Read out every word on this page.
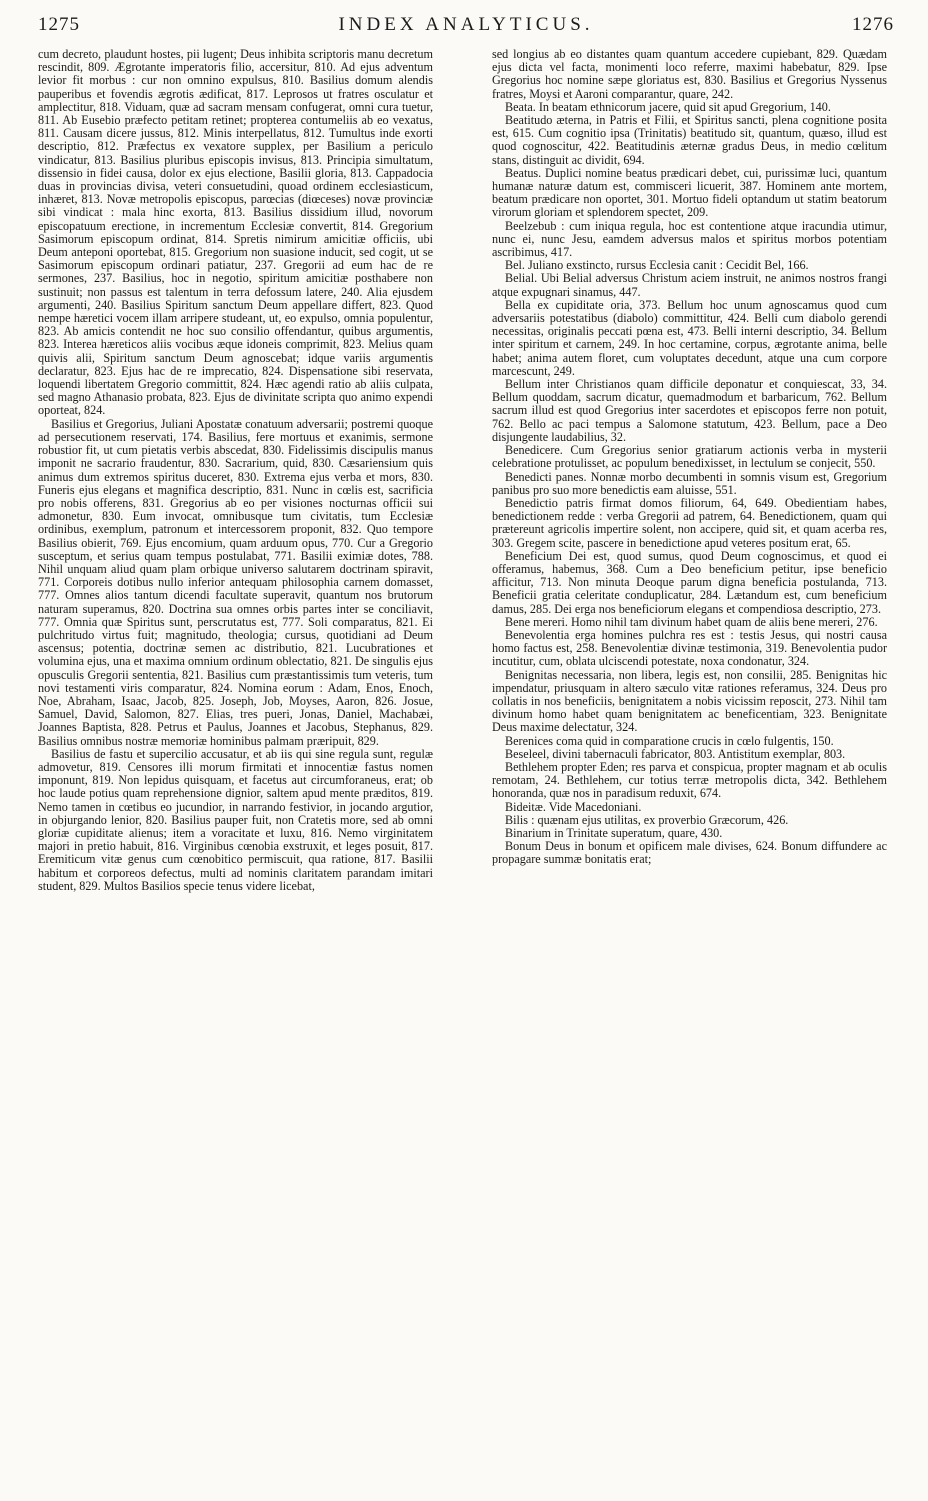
1275	INDEX ANALYTICUS.	1276

cum decreto, plaudunt hostes, pii lugent; Deus inhibita scriptoris manu decretum rescindit, 809. Ægrotante imperatoris filio, accersitur, 810. Ad ejus adventum levior fit morbus : cur non omnino expulsus, 810. Basilius domum alendis pauperibus et fovendis ægrotis ædificat, 817. Leprosos ut fratres osculatur et amplectitur, 818. Viduam, quæ ad sacram mensam confugerat, omni cura tuetur, 811. Ab Eusebio præfecto petitam retinet; propterea contumeliis ab eo vexatus, 811. Causam dicere jussus, 812. Minis interpellatus, 812. Tumultus inde exorti descriptio, 812. Præfectus ex vexatore supplex, per Basilium a periculo vindicatur, 813. Basilius pluribus episcopis invisus, 813. Principia simultatum, dissensio in fidei causa, dolor ex ejus electione, Basilii gloria, 813. Cappadocia duas in provincias divisa, veteri consuetudini, quoad ordinem ecclesiasticum, inhæret, 813. Novæ metropolis episcopus, parœcias (diœceses) novæ provinciæ sibi vindicat : mala hinc exorta, 813. Basilius dissidium illud, novorum episcopatuum erectione, in incrementum Ecclesiæ convertit, 814. Gregorium Sasimorum episcopum ordinat, 814. Spretis nimirum amicitiæ officiis, ubi Deum anteponi oportebat, 815. Gregorium non suasione inducit, sed cogit, ut se Sasimorum episcopum ordinari patiatur, 237. Gregorii ad eum hac de re sermones, 237. Basilius, hoc in negotio, spiritum amicitiæ posthabere non sustinuit; non passus est talentum in terra defossum latere, 240. Alia ejusdem argumenti, 240. Basilius Spiritum sanctum Deum appellare differt, 823. Quod nempe hæretici vocem illam arripere studeant, ut, eo expulso, omnia populentur, 823. Ab amicis contendit ne hoc suo consilio offendantur, quibus argumentis, 823. Interea hæreticos aliis vocibus æque idoneis comprimit, 823. Melius quam quivis alii, Spiritum sanctum Deum agnoscebat; idque variis argumentis declaratur, 823. Ejus hac de re imprecatio, 824. Dispensatione sibi reservata, loquendi libertatem Gregorio committit, 824. Hæc agendi ratio ab aliis culpata, sed magno Athanasio probata, 823. Ejus de divinitate scripta quo animo expendi oporteat, 824.

Basilius et Gregorius, Juliani Apostatæ conatuum adversarii; postremi quoque ad persecutionem reservati, 174. Basilius, fere mortuus et exanimis, sermone robustior fit, ut cum pietatis verbis abscedat, 830. Fidelissimis discipulis manus imponit ne sacrario fraudentur, 830. Sacrarium, quid, 830. Cæsariensium quis animus dum extremos spiritus duceret, 830. Extrema ejus verba et mors, 830. Funeris ejus elegans et magnifica descriptio, 831. Nunc in cœlis est, sacrificia pro nobis offerens, 831. Gregorius ab eo per visiones nocturnas officii sui admonetur, 830. Eum invocat, omnibusque tum civitatis, tum Ecclesiæ ordinibus, exemplum, patronum et intercessorem proponit, 832. Quo tempore Basilius obierit, 769. Ejus encomium, quam arduum opus, 770. Cur a Gregorio susceptum, et serius quam tempus postulabat, 771. Basilii eximiæ dotes, 788. Nihil unquam aliud quam plam orbique universo salutarem doctrinam spiravit, 771. Corporeis dotibus nullo inferior antequam philosophia carnem domasset, 777. Omnes alios tantum dicendi facultate superavit, quantum nos brutorum naturam superamus, 820. Doctrina sua omnes orbis partes inter se conciliavit, 777. Omnia quæ Spiritus sunt, perscrutatus est, 777. Soli comparatus, 821. Ei pulchritudo virtus fuit; magnitudo, theologia; cursus, quotidiani ad Deum ascensus; potentia, doctrinæ semen ac distributio, 821. Lucubrationes et volumina ejus, una et maxima omnium ordinum oblectatio, 821. De singulis ejus opusculis Gregorii sententia, 821. Basilius cum præstantissimis tum veteris, tum novi testamenti viris comparatur, 824. Nomina eorum : Adam, Enos, Enoch, Noe, Abraham, Isaac, Jacob, 825. Joseph, Job, Moyses, Aaron, 826. Josue, Samuel, David, Salomon, 827. Elias, tres pueri, Jonas, Daniel, Machabæi, Joannes Baptista, 828. Petrus et Paulus, Joannes et Jacobus, Stephanus, 829. Basilius omnibus nostræ memoriæ hominibus palmam præripuit, 829.

Basilius de fastu et supercilio accusatur, et ab iis qui sine regula sunt, regulæ admovetur, 819. Censores illi morum firmitati et innocentiæ fastus nomen imponunt, 819. Non lepidus quisquam, et facetus aut circumforaneus, erat; ob hoc laude potius quam reprehensione dignior, saltem apud mente præditos, 819. Nemo tamen in cœtibus eo jucundior, in narrando festivior, in jocando argutior, in objurgando lenior, 820. Basilius pauper fuit, non Cratetis more, sed ab omni gloriæ cupiditate alienus; item a voracitate et luxu, 816. Nemo virginitatem majori in pretio habuit, 816. Virginibus cœnobia exstruxit, et leges posuit, 817. Eremiticum vitæ genus cum cœnobitico permiscuit, qua ratione, 817. Basilii habitum et corporeos defectus, multi ad nominis claritatem parandam imitari student, 829. Multos Basilios specie tenus videre licebat,

sed longius ab eo distantes quam quantum accedere cupiebant, 829. Quædam ejus dicta vel facta, monimenti loco referre, maximi habebatur, 829. Ipse Gregorius hoc nomine sæpe gloriatus est, 830. Basilius et Gregorius Nyssenus fratres, Moysi et Aaroni comparantur, quare, 242.

Beata. In beatam ethnicorum jacere, quid sit apud Gregorium, 140.

Beatitudo æterna, in Patris et Filii, et Spiritus sancti, plena cognitione posita est, 615. Cum cognitio ipsa (Trinitatis) beatitudo sit, quantum, quæso, illud est quod cognoscitur, 422. Beatitudinis æternæ gradus Deus, in medio cœlitum stans, distinguit ac dividit, 694.

Beatus. Duplici nomine beatus prædicari debet, cui, purissimæ luci, quantum humanæ naturæ datum est, commisceri licuerit, 387. Hominem ante mortem, beatum prædicare non oportet, 301. Mortuo fideli optandum ut statim beatorum virorum gloriam et splendorem spectet, 209.

Beelzebub : cum iniqua regula, hoc est contentione atque iracundia utimur, nunc ei, nunc Jesu, eamdem adversus malos et spiritus morbos potentiam ascribimus, 417.

Bel. Juliano exstincto, rursus Ecclesia canit : Cecidit Bel, 166.

Belial. Ubi Belial adversus Christum aciem instruit, ne animos nostros frangi atque expugnari sinamus, 447.

Bella ex cupiditate oria, 373. Bellum hoc unum agnoscamus quod cum adversariis potestatibus (diabolo) committitur, 424. Belli cum diabolo gerendi necessitas, originalis peccati pœna est, 473. Belli interni descriptio, 34. Bellum inter spiritum et carnem, 249. In hoc certamine, corpus, ægrotante anima, belle habet; anima autem floret, cum voluptates decedunt, atque una cum corpore marcescunt, 249.

Bellum inter Christianos quam difficile deponatur et conquiescat, 33, 34. Bellum quoddam, sacrum dicatur, quemadmodum et barbaricum, 762. Bellum sacrum illud est quod Gregorius inter sacerdotes et episcopos ferre non potuit, 762. Bello ac paci tempus a Salomone statutum, 423. Bellum, pace a Deo disjungente laudabilius, 32.

Benedicere. Cum Gregorius senior gratiarum actionis verba in mysterii celebratione protulisset, ac populum benedixisset, in lectulum se conjecit, 550.

Benedicti panes. Nonnæ morbo decumbenti in somnis visum est, Gregorium panibus pro suo more benedictis eam aluisse, 551.

Benedictio patris firmat domos filiorum, 64, 649. Obedientiam habes, benedictionem redde : verba Gregorii ad patrem, 64. Benedictionem, quam qui prætereunt agricolis impertire solent, non accipere, quid sit, et quam acerba res, 303. Gregem scite, pascere in benedictione apud veteres positum erat, 65.

Beneficium Dei est, quod sumus, quod Deum cognoscimus, et quod ei offeramus, habemus, 368. Cum a Deo beneficium petitur, ipse beneficio afficitur, 713. Non minuta Deoque parum digna beneficia postulanda, 713. Beneficii gratia celeritate conduplicatur, 284. Lætandum est, cum beneficium damus, 285. Dei erga nos beneficiorum elegans et compendiosa descriptio, 273.

Bene mereri. Homo nihil tam divinum habet quam de aliis bene mereri, 276.

Benevolentia erga homines pulchra res est : testis Jesus, qui nostri causa homo factus est, 258. Benevolentiæ divinæ testimonia, 319. Benevolentia pudor incutitur, cum, oblata ulciscendi potestate, noxa condonatur, 324.

Benignitas necessaria, non libera, legis est, non consilii, 285. Benignitas hic impendatur, priusquam in altero sæculo vitæ rationes referamus, 324. Deus pro collatis in nos beneficiis, benignitatem a nobis vicissim reposcit, 273. Nihil tam divinum homo habet quam benignitatem ac beneficentiam, 323. Benignitate Deus maxime delectatur, 324.

Berenices coma quid in comparatione crucis in cœlo fulgentis, 150.

Beseleel, divini tabernaculi fabricator, 803. Antistitum exemplar, 803.

Bethlehem propter Eden; res parva et conspicua, propter magnam et ab oculis remotam, 24. Bethlehem, cur totius terræ metropolis dicta, 342. Bethlehem honoranda, quæ nos in paradisum reduxit, 674.

Bideitæ. Vide Macedoniani.

Bilis : quænam ejus utilitas, ex proverbio Græcorum, 426.

Binarium in Trinitate superatum, quare, 430.

Bonum Deus in bonum et opificem male divises, 624. Bonum diffundere ac propagare summæ bonitatis erat;
